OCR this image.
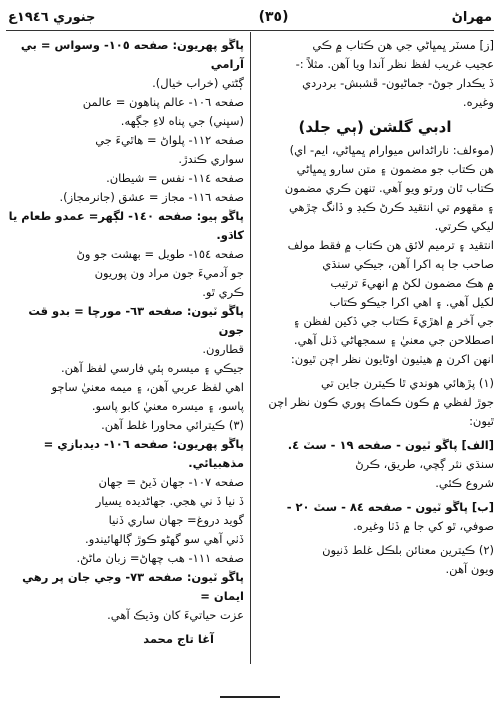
جنوري ١٩٤٦ع	(٣٥)	مهراڻ

[ز] مسٽر ڀمڀاڻي جي هن ڪتاب ۾ ڪي
عجيب غريب لفظ نظر آندا ويا آهن. مثلاً :-
ڏ يڪدار جوڻ- جماڻيون- ڦشبش- بردردي
وغيره.

ادبي گلشن (ٻي جلد)

(موءلف: ناراڻداس ميوارام ڀمڀاڻي، ايم- اي)
هن ڪتاب جو مضمون ۽ متن سارو ڀمڀاڻي
ڪتاب ٿان ورتو ويو آهي. تنهن ڪري مضمون
۽ مقهوم تي انتقيد ڪرڻ ڪيڊ و ڏانگ چڙهي
ليکي ڪرتي.
انتقيد ۽ ترميم لائق هن ڪتاب ۾ فقط مولف
صاحب جا ٻه اکرا آهن، جيڪي سنڌي
۾ هڪ مضمون لکڻ ۾ انهيءَ ترتيب
لکيل آهي. ۽ اهي اکرا جيڪو ڪتاب
جي آخر ۾ اهڙيءَ ڪتاب جي ڏکين لفظن ۽
اصطلاحن جي معنيٰ ۽ سمجهاڻي ڏنل آهي.
انهن اکرن ۾ هيٺيون اوڻايون نظر اچن ٿيون:

(١) پڙهائي هوندي ٿا ڪيترن جاين تي
جوڙ لفظي ۾ ڪون ڪماڪ پوري ڪون نظر اچن
ٿيون:

[الف] پاڱو ٽيون - صفحه ١٩ - سٽ ٤.
سنڌي نثر ڳچي، طريق، ڪرڻ
شروع ڪئي.

[ب] پاڱو ٽيون - صفحه ٨٤ - سٽ ٢٠ -
صوفي، ٿو کي جا ۾ ڏٺا وغيره.

(٢) ڪيترين معنائن بلڪل غلط ڏنيون
ويون آهن.

پاڱو پهريون: صفحه ١٠٥- وسواس = بي آرامي
ڳڻتي (خراب خيال).
صفحه ١٠٦- عالم پناهون = عالمن
(سڀني) جي پناه لاءِ جڳهه.
صفحه ١١٢- پلواڻ = هاٿيءَ جي
سواري ڪندڙ.
صفحه ١١٤- نفس = شيطان.
صفحه ١١٦- مجاز = عشق (جانرمجاز).
پاڱو ٻيو: صفحه ١٤٠- لڳهر= عمدو طعام يا کاڌو.
صفحه ١٥٤- طويل = بهشت جو وڻ
جو آدميءَ جون مراد ون پوريون
ڪري ٿو.
پاڱو ٽيون: صفحه ٦٣- مورچا = بدو قت جون
قطارون.
جيڪي ۽ ميسره ٻئي فارسي لفظ آهن.
اهي لفظ عربي آهن، ۽ ميمه معنيٰ ساڄو
پاسو، ۽ ميسره معنيٰ کابو پاسو.
(٣) ڪيترائي محاورا غلط آهن.
پاڱو پهريون: صفحه ١٠٦- ديدبازي = مذهبيائي.
صفحه ١٠٧- جهان ڏيڻ = جهان
ڏ نيا ڏ ني هجي. جهاڻديده يسيار
گويد دروغ= جهان ساري ڏنيا
ڏٺي آهي سو گهڻو ڪوڙ ڳالهائيندو.
صفحه ١١١- هب چهاڻ= زبان ماڻڻ.
پاڱو ٽيون: صفحه ٧٣- وجي جان پر رهي ايمان =
عزت حياتيءَ کان وڌيڪ آهي.

آغا تاج محمد
